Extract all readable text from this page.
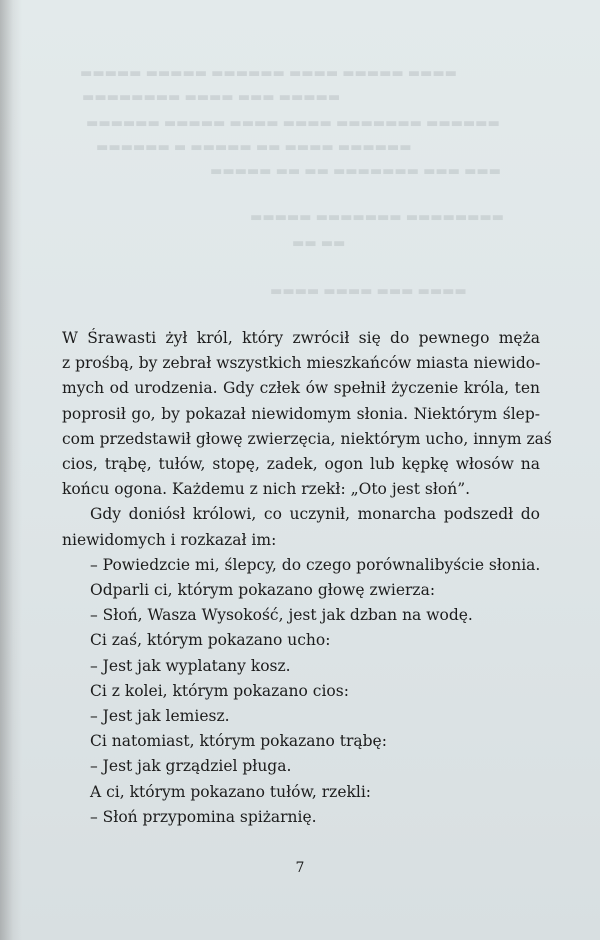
▬▬▬▬ ▬▬▬▬▬ ▬▬▬▬ ▬▬▬▬▬▬ ▬▬▬▬▬ ▬▬▬▬▬
▬▬▬▬▬ ▬▬▬ ▬▬▬▬ ▬▬▬▬▬▬▬▬
▬▬▬▬▬▬ ▬▬▬▬▬▬▬ ▬▬▬▬ ▬▬▬▬ ▬▬▬▬▬ ▬▬▬▬▬▬
▬▬▬▬▬▬ ▬▬▬▬ ▬▬ ▬▬▬▬▬ ▬ ▬▬▬▬▬▬
▬▬▬ ▬▬▬ ▬▬▬▬▬▬▬ ▬▬ ▬▬ ▬▬▬▬▬
▬▬▬▬▬▬▬▬ ▬▬▬▬▬▬▬ ▬▬▬▬▬
▬▬ ▬▬
▬▬▬▬ ▬▬▬ ▬▬▬▬ ▬▬▬▬
W Śrawasti żył król, który zwrócił się do pewnego męża
z prośbą, by zebrał wszystkich mieszkańców miasta niewido-
mych od urodzenia. Gdy człek ów spełnił życzenie króla, ten
poprosił go, by pokazał niewidomym słonia. Niektórym ślep-
com przedstawił głowę zwierzęcia, niektórym ucho, innym zaś
cios, trąbę, tułów, stopę, zadek, ogon lub kępkę włosów na
końcu ogona. Każdemu z nich rzekł: „Oto jest słoń”.
Gdy doniósł królowi, co uczynił, monarcha podszedł do
niewidomych i rozkazał im:
– Powiedzcie mi, ślepcy, do czego porównalibyście słonia.
Odparli ci, którym pokazano głowę zwierza:
– Słoń, Wasza Wysokość, jest jak dzban na wodę.
Ci zaś, którym pokazano ucho:
– Jest jak wyplatany kosz.
Ci z kolei, którym pokazano cios:
– Jest jak lemiesz.
Ci natomiast, którym pokazano trąbę:
– Jest jak grządziel pługa.
A ci, którym pokazano tułów, rzekli:
– Słoń przypomina spiżarnię.
7
